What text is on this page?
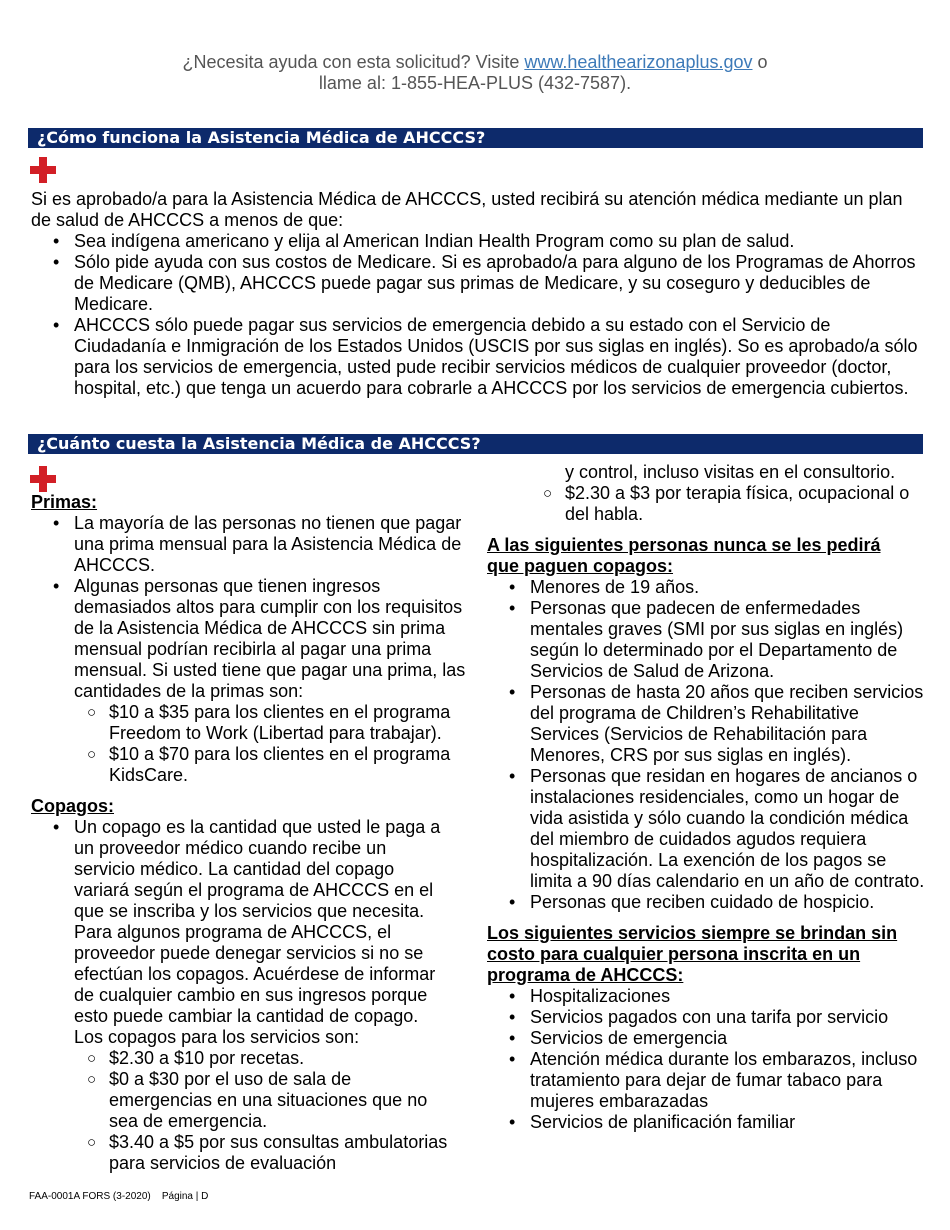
¿Necesita ayuda con esta solicitud? Visite www.healthearizonaplus.gov o
llame al: 1-855-HEA-PLUS (432-7587).
¿Cómo funciona la Asistencia Médica de AHCCCS?

Si es aprobado/a para la Asistencia Médica de AHCCCS, usted recibirá su atención médica mediante un plan de salud de AHCCCS a menos de que:

• Sea indígena americano y elija al American Indian Health Program como su plan de salud.
• Sólo pide ayuda con sus costos de Medicare. Si es aprobado/a para alguno de los Programas de Ahorros de Medicare (QMB), AHCCCS puede pagar sus primas de Medicare, y su coseguro y deducibles de Medicare.
• AHCCCS sólo puede pagar sus servicios de emergencia debido a su estado con el Servicio de Ciudadanía e Inmigración de los Estados Unidos (USCIS por sus siglas en inglés). So es aprobado/a sólo para los servicios de emergencia, usted pude recibir servicios médicos de cualquier proveedor (doctor, hospital, etc.) que tenga un acuerdo para cobrarle a AHCCCS por los servicios de emergencia cubiertos.
¿Cuánto cuesta la Asistencia Médica de AHCCCS?
Primas:
• La mayoría de las personas no tienen que pagar una prima mensual para la Asistencia Médica de AHCCCS.
• Algunas personas que tienen ingresos demasiados altos para cumplir con los requisitos de la Asistencia Médica de AHCCCS sin prima mensual podrían recibirla al pagar una prima mensual. Si usted tiene que pagar una prima, las cantidades de la primas son:
○ $10 a $35 para los clientes en el programa Freedom to Work (Libertad para trabajar).
○ $10 a $70 para los clientes en el programa KidsCare.
Copagos:
• Un copago es la cantidad que usted le paga a un proveedor médico cuando recibe un servicio médico. La cantidad del copago variará según el programa de AHCCCS en el que se inscriba y los servicios que necesita. Para algunos programa de AHCCCS, el proveedor puede denegar servicios si no se efectúan los copagos. Acuérdese de informar de cualquier cambio en sus ingresos porque esto puede cambiar la cantidad de copago. Los copagos para los servicios son:
○ $2.30 a $10 por recetas.
○ $0 a $30 por el uso de sala de emergencias en una situaciones que no sea de emergencia.
○ $3.40 a $5 por sus consultas ambulatorias para servicios de evaluación
y control, incluso visitas en el consultorio.
○ $2.30 a $3 por terapia física, ocupacional o del habla.
A las siguientes personas nunca se les pedirá que paguen copagos:
• Menores de 19 años.
• Personas que padecen de enfermedades mentales graves (SMI por sus siglas en inglés) según lo determinado por el Departamento de Servicios de Salud de Arizona.
• Personas de hasta 20 años que reciben servicios del programa de Children’s Rehabilitative Services (Servicios de Rehabilitación para Menores, CRS por sus siglas en inglés).
• Personas que residan en hogares de ancianos o instalaciones residenciales, como un hogar de vida asistida y sólo cuando la condición médica del miembro de cuidados agudos requiera hospitalización. La exención de los pagos se limita a 90 días calendario en un año de contrato.
• Personas que reciben cuidado de hospicio.
Los siguientes servicios siempre se brindan sin costo para cualquier persona inscrita en un programa de AHCCCS:
• Hospitalizaciones
• Servicios pagados con una tarifa por servicio
• Servicios de emergencia
• Atención médica durante los embarazos, incluso tratamiento para dejar de fumar tabaco para mujeres embarazadas
• Servicios de planificación familiar
FAA-0001A FORS (3-2020) Página | D
